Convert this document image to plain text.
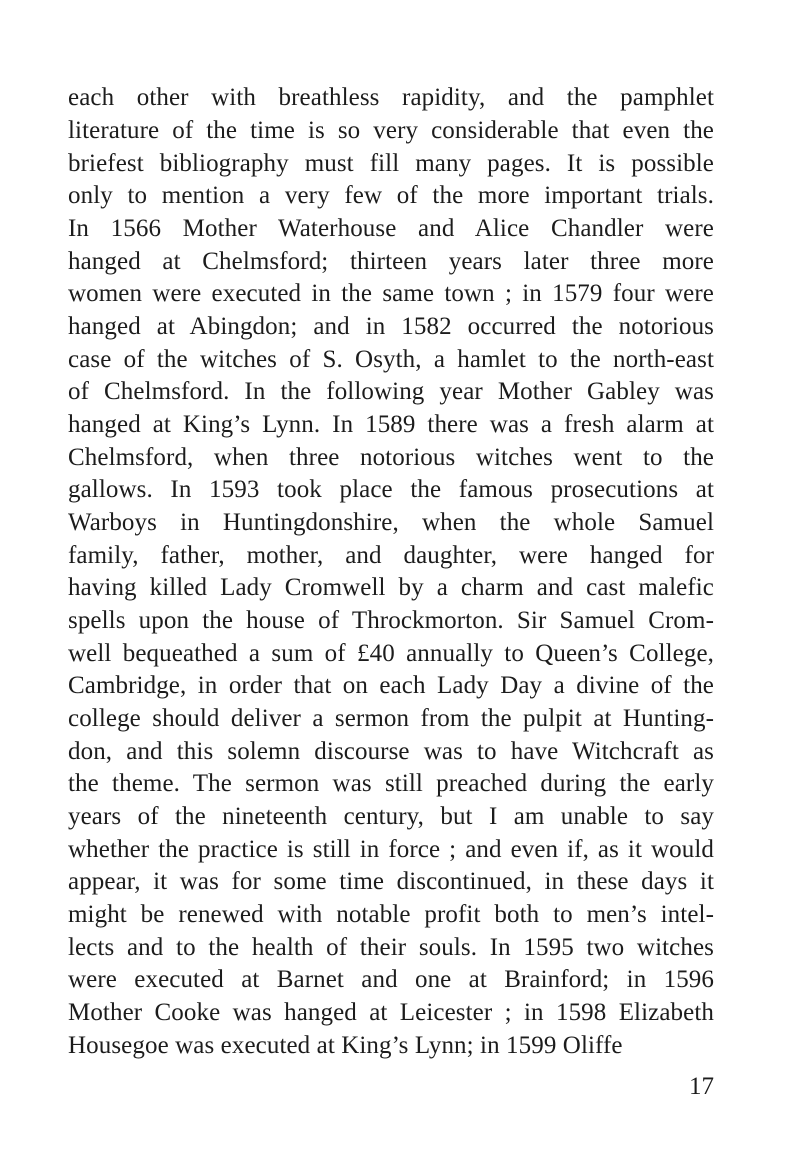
each other with breathless rapidity, and the pamphlet
literature of the time is so very considerable that even the
briefest bibliography must fill many pages. It is possible
only to mention a very few of the more important trials.
In 1566 Mother Waterhouse and Alice Chandler were
hanged at Chelmsford; thirteen years later three more
women were executed in the same town ; in 1579 four were
hanged at Abingdon; and in 1582 occurred the notorious
case of the witches of S. Osyth, a hamlet to the north-east
of Chelmsford. In the following year Mother Gabley was
hanged at King’s Lynn. In 1589 there was a fresh alarm at
Chelmsford, when three notorious witches went to the
gallows. In 1593 took place the famous prosecutions at
Warboys in Huntingdonshire, when the whole Samuel
family, father, mother, and daughter, were hanged for
having killed Lady Cromwell by a charm and cast malefic
spells upon the house of Throckmorton. Sir Samuel Crom-
well bequeathed a sum of £40 annually to Queen’s College,
Cambridge, in order that on each Lady Day a divine of the
college should deliver a sermon from the pulpit at Hunting-
don, and this solemn discourse was to have Witchcraft as
the theme. The sermon was still preached during the early
years of the nineteenth century, but I am unable to say
whether the practice is still in force ; and even if, as it would
appear, it was for some time discontinued, in these days it
might be renewed with notable profit both to men’s intel-
lects and to the health of their souls. In 1595 two witches
were executed at Barnet and one at Brainford; in 1596
Mother Cooke was hanged at Leicester ; in 1598 Elizabeth
Housegoe was executed at King’s Lynn; in 1599 Oliffe
17
